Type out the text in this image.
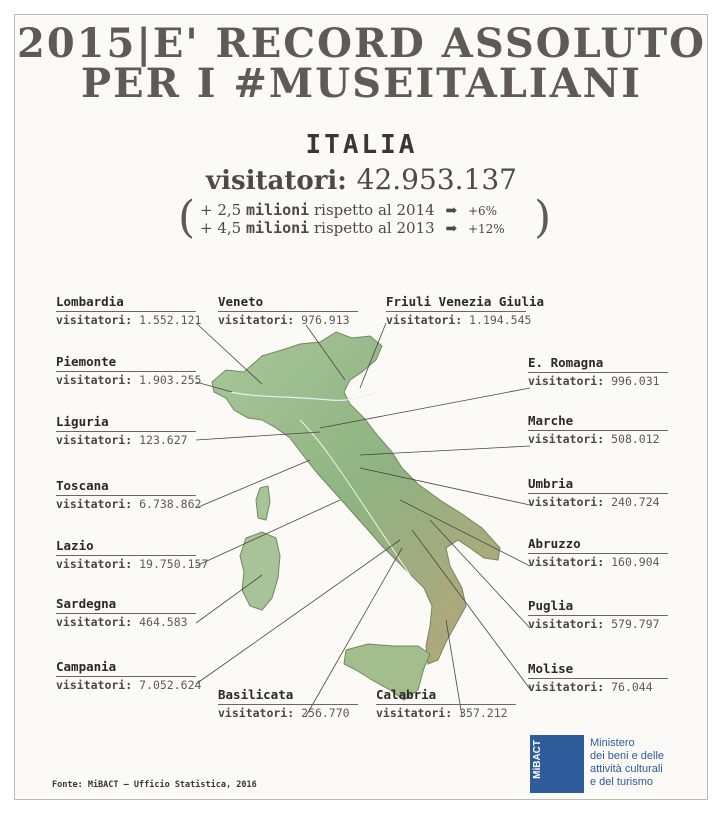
2015|E' RECORD ASSOLUTO
PER I #MUSEITALIANI
ITALIA
visitatori: 42.953.137
(	)
+ 2,5 milioni rispetto al 2014 ➡ +6%
+ 4,5 milioni rispetto al 2013 ➡ +12%
Lombardia
visitatori: 1.552.121
Veneto
visitatori: 976.913
Friuli Venezia Giulia
visitatori: 1.194.545
Piemonte
visitatori: 1.903.255
E. Romagna
visitatori: 996.031
Liguria
visitatori: 123.627
Marche
visitatori: 508.012
Toscana
visitatori: 6.738.862
Umbria
visitatori: 240.724
Lazio
visitatori: 19.750.157
Abruzzo
visitatori: 160.904
Sardegna
visitatori: 464.583
Puglia
visitatori: 579.797
Campania
visitatori: 7.052.624
Molise
visitatori: 76.044
Basilicata
visitatori: 256.770
Calabria
visitatori: 357.212
Fonte: MiBACT – Ufficio Statistica, 2016
MiBACT	Ministero
dei beni e delle
attività culturali
e del turismo
